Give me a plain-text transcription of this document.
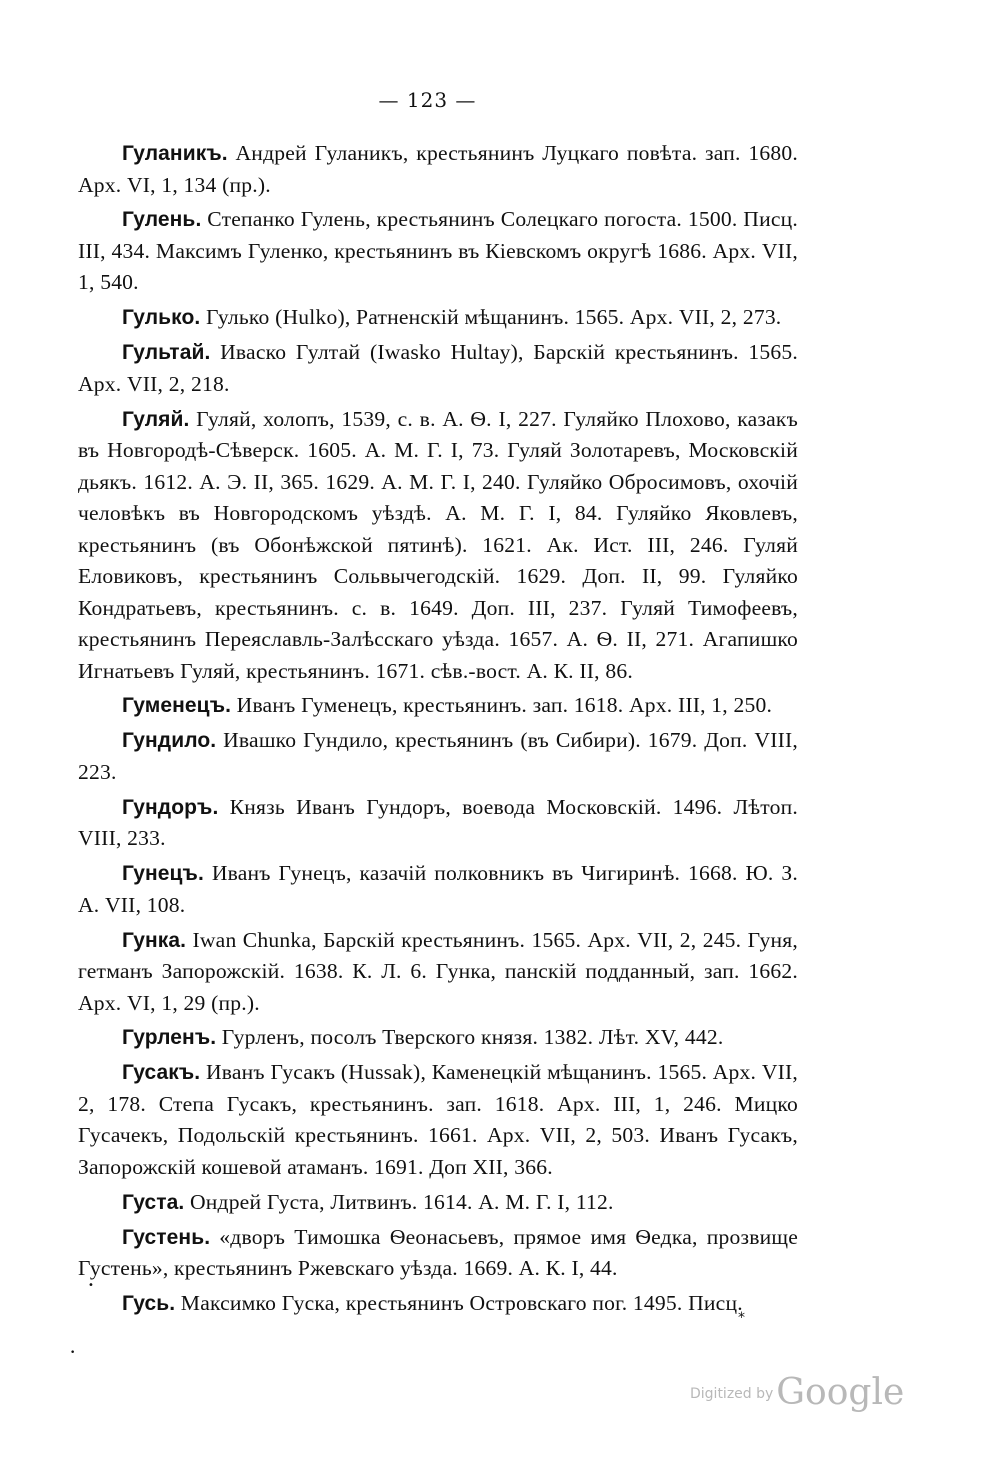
— 123 —

Гуланикъ. Андрей Гуланикъ, крестьянинъ Луцкаго повѣта. зап. 1680. Арх. VI, 1, 134 (пр.).

Гулень. Степанко Гулень, крестьянинъ Солецкаго погоста. 1500. Писц. III, 434. Максимъ Гуленко, крестьянинъ въ Кіевскомъ округѣ 1686. Арх. VII, 1, 540.

Гулько. Гулько (Hulko), Ратненскій мѣщанинъ. 1565. Арх. VII, 2, 273.

Гультай. Иваско Гултай (Iwasko Hultay), Барскій крестьянинъ. 1565. Арх. VII, 2, 218.

Гуляй. Гуляй, холопъ, 1539, с. в. А. Ѳ. I, 227. Гуляйко Плохово, казакъ въ Новгородѣ-Сѣверск. 1605. А. М. Г. I, 73. Гуляй Золотаревъ, Московскій дьякъ. 1612. А. Э. II, 365. 1629. А. М. Г. I, 240. Гуляйко Обросимовъ, охочій человѣкъ въ Новгородскомъ уѣздѣ. А. М. Г. I, 84. Гуляйко Яковлевъ, крестьянинъ (въ Обонѣжской пятинѣ). 1621. Ак. Ист. III, 246. Гуляй Еловиковъ, крестьянинъ Сольвычегодскій. 1629. Доп. II, 99. Гуляйко Кондратьевъ, крестьянинъ. с. в. 1649. Доп. III, 237. Гуляй Тимофеевъ, крестьянинъ Переяславль-Залѣсскаго уѣзда. 1657. А. Ѳ. II, 271. Агапишко Игнатьевъ Гуляй, крестьянинъ. 1671. сѣв.-вост. А. К. II, 86.

Гуменецъ. Иванъ Гуменецъ, крестьянинъ. зап. 1618. Арх. III, 1, 250.

Гундило. Ивашко Гундило, крестьянинъ (въ Сибири). 1679. Доп. VIII, 223.

Гундоръ. Князь Иванъ Гундоръ, воевода Московскій. 1496. Лѣтоп. VIII, 233.

Гунецъ. Иванъ Гунецъ, казачій полковникъ въ Чигиринѣ. 1668. Ю. З. А. VII, 108.

Гунка. Iwan Chunka, Барскій крестьянинъ. 1565. Арх. VII, 2, 245. Гуня, гетманъ Запорожскій. 1638. К. Л. 6. Гунка, панскій подданный, зап. 1662. Арх. VI, 1, 29 (пр.).

Гурленъ. Гурленъ, посолъ Тверского князя. 1382. Лѣт. XV, 442.

Гусакъ. Иванъ Гусакъ (Hussak), Каменецкій мѣщанинъ. 1565. Арх. VII, 2, 178. Степа Гусакъ, крестьянинъ. зап. 1618. Арх. III, 1, 246. Мицко Гусачекъ, Подольскій крестьянинъ. 1661. Арх. VII, 2, 503. Иванъ Гусакъ, Запорожскій кошевой атаманъ. 1691. Доп XII, 366.

Густа. Ондрей Густа, Литвинъ. 1614. А. М. Г. I, 112.

Густень. «дворъ Тимошка Ѳеонасьевъ, прямое имя Ѳедка, прозвище Густень», крестьянинъ Ржевскаго уѣзда. 1669. А. К. I, 44.

Гусь. Максимко Гуска, крестьянинъ Островскаго пог. 1495. Писц.

•
*
•
Digitized byGoogle
